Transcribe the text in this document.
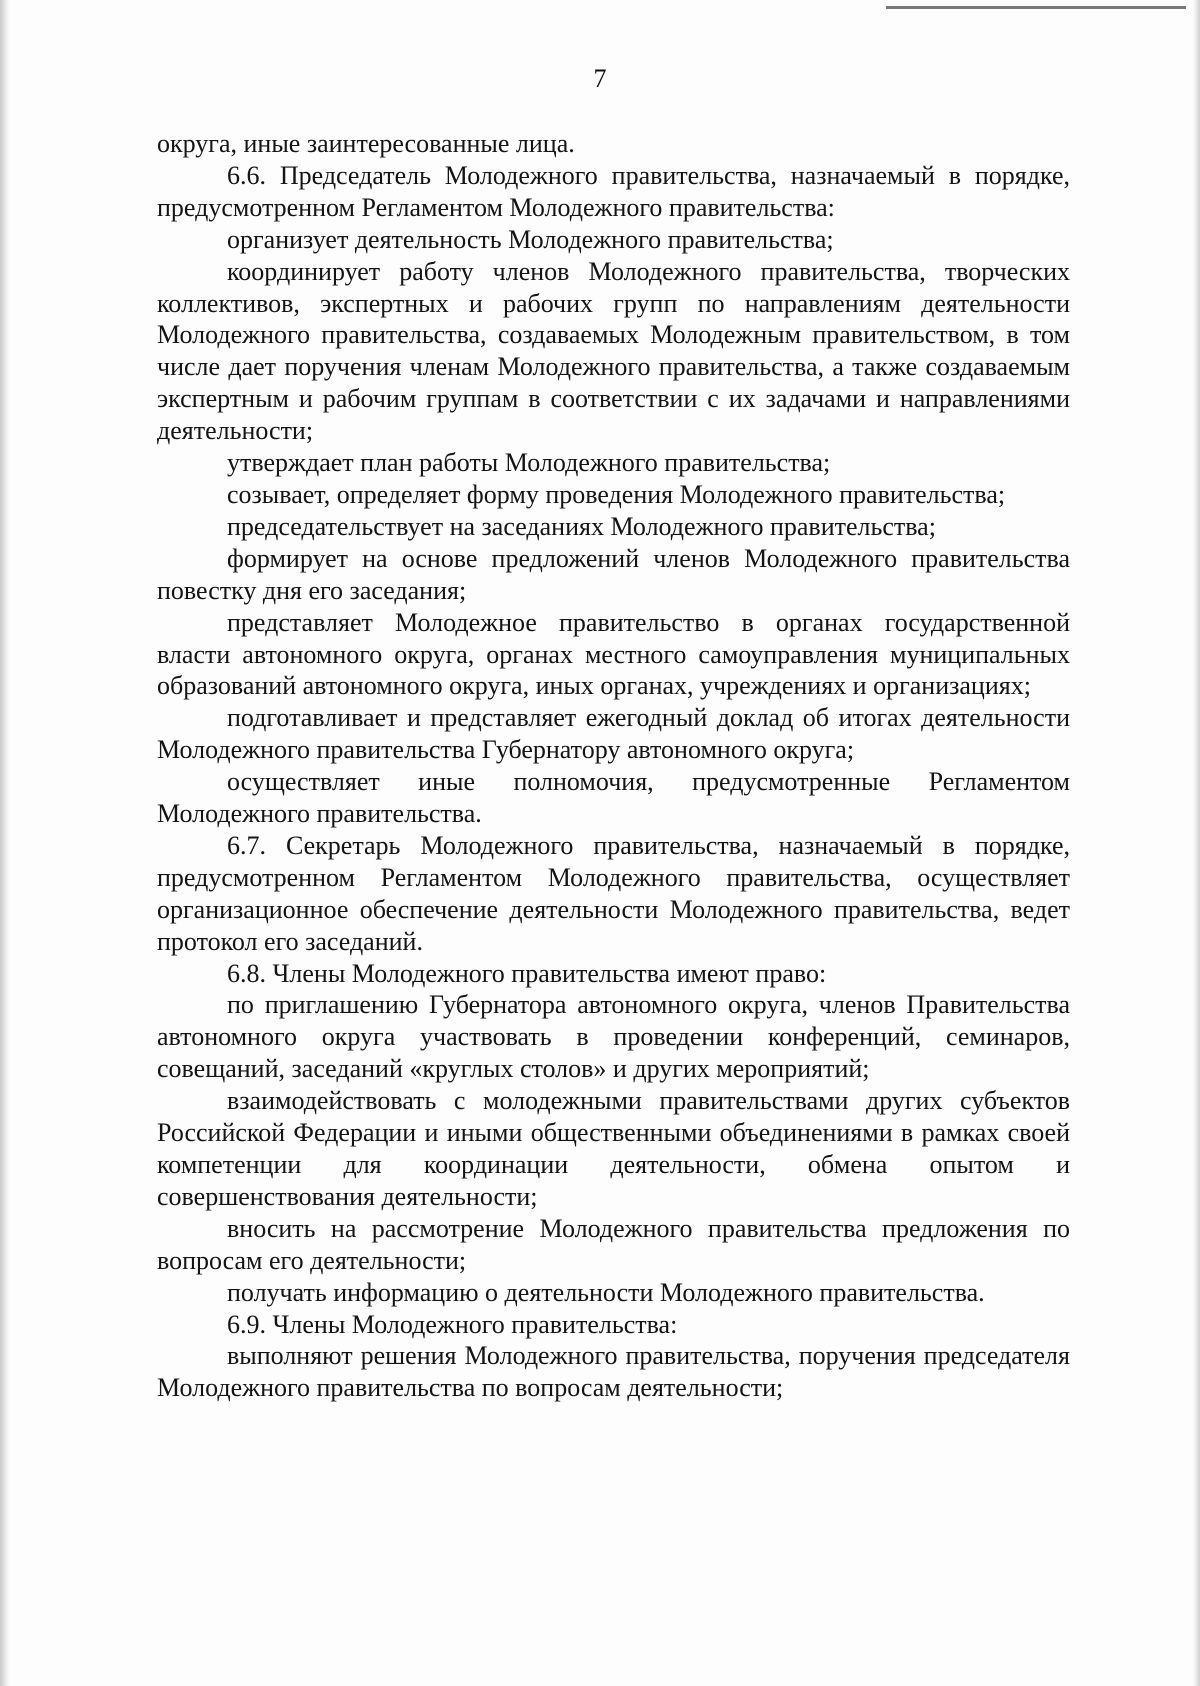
7

округа, иные заинтересованные лица.

6.6. Председатель Молодежного правительства, назначаемый в порядке, предусмотренном Регламентом Молодежного правительства:

организует деятельность Молодежного правительства;

координирует работу членов Молодежного правительства, творческих коллективов, экспертных и рабочих групп по направлениям деятельности Молодежного правительства, создаваемых Молодежным правительством, в том числе дает поручения членам Молодежного правительства, а также создаваемым экспертным и рабочим группам в соответствии с их задачами и направлениями деятельности;

утверждает план работы Молодежного правительства;

созывает, определяет форму проведения Молодежного правительства;

председательствует на заседаниях Молодежного правительства;

формирует на основе предложений членов Молодежного правительства повестку дня его заседания;

представляет Молодежное правительство в органах государственной власти автономного округа, органах местного самоуправления муниципальных образований автономного округа, иных органах, учреждениях и организациях;

подготавливает и представляет ежегодный доклад об итогах деятельности Молодежного правительства Губернатору автономного округа;

осуществляет иные полномочия, предусмотренные Регламентом Молодежного правительства.

6.7. Секретарь Молодежного правительства, назначаемый в порядке, предусмотренном Регламентом Молодежного правительства, осуществляет организационное обеспечение деятельности Молодежного правительства, ведет протокол его заседаний.

6.8. Члены Молодежного правительства имеют право:

по приглашению Губернатора автономного округа, членов Правительства автономного округа участвовать в проведении конференций, семинаров, совещаний, заседаний «круглых столов» и других мероприятий;

взаимодействовать с молодежными правительствами других субъектов Российской Федерации и иными общественными объединениями в рамках своей компетенции для координации деятельности, обмена опытом и совершенствования деятельности;

вносить на рассмотрение Молодежного правительства предложения по вопросам его деятельности;

получать информацию о деятельности Молодежного правительства.

6.9. Члены Молодежного правительства:

выполняют решения Молодежного правительства, поручения председателя Молодежного правительства по вопросам деятельности;
